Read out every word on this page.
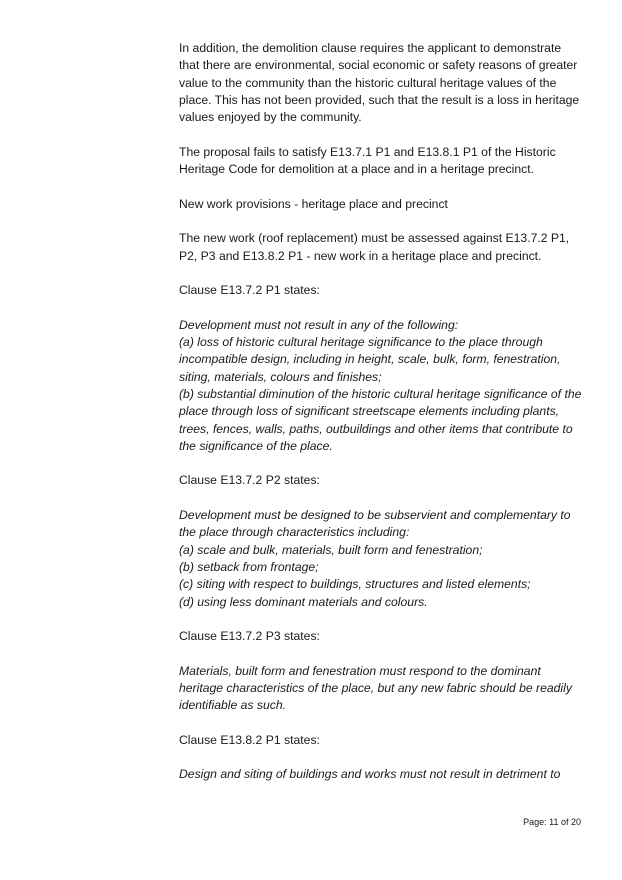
In addition, the demolition clause requires the applicant to demonstrate that there are environmental, social economic or safety reasons of greater value to the community than the historic cultural heritage values of the place. This has not been provided, such that the result is a loss in heritage values enjoyed by the community.

The proposal fails to satisfy E13.7.1 P1 and E13.8.1 P1 of the Historic Heritage Code for demolition at a place and in a heritage precinct.

New work provisions - heritage place and precinct

The new work (roof replacement) must be assessed against E13.7.2 P1, P2, P3 and E13.8.2 P1 - new work in a heritage place and precinct.

Clause E13.7.2 P1 states:

Development must not result in any of the following:
(a) loss of historic cultural heritage significance to the place through incompatible design, including in height, scale, bulk, form, fenestration, siting, materials, colours and finishes;
(b) substantial diminution of the historic cultural heritage significance of the place through loss of significant streetscape elements including plants, trees, fences, walls, paths, outbuildings and other items that contribute to the significance of the place.

Clause E13.7.2 P2 states:

Development must be designed to be subservient and complementary to the place through characteristics including:
(a) scale and bulk, materials, built form and fenestration;
(b) setback from frontage;
(c) siting with respect to buildings, structures and listed elements;
(d) using less dominant materials and colours.

Clause E13.7.2 P3 states:

Materials, built form and fenestration must respond to the dominant heritage characteristics of the place, but any new fabric should be readily identifiable as such.

Clause E13.8.2 P1 states:

Design and siting of buildings and works must not result in detriment to

Page: 11 of 20
